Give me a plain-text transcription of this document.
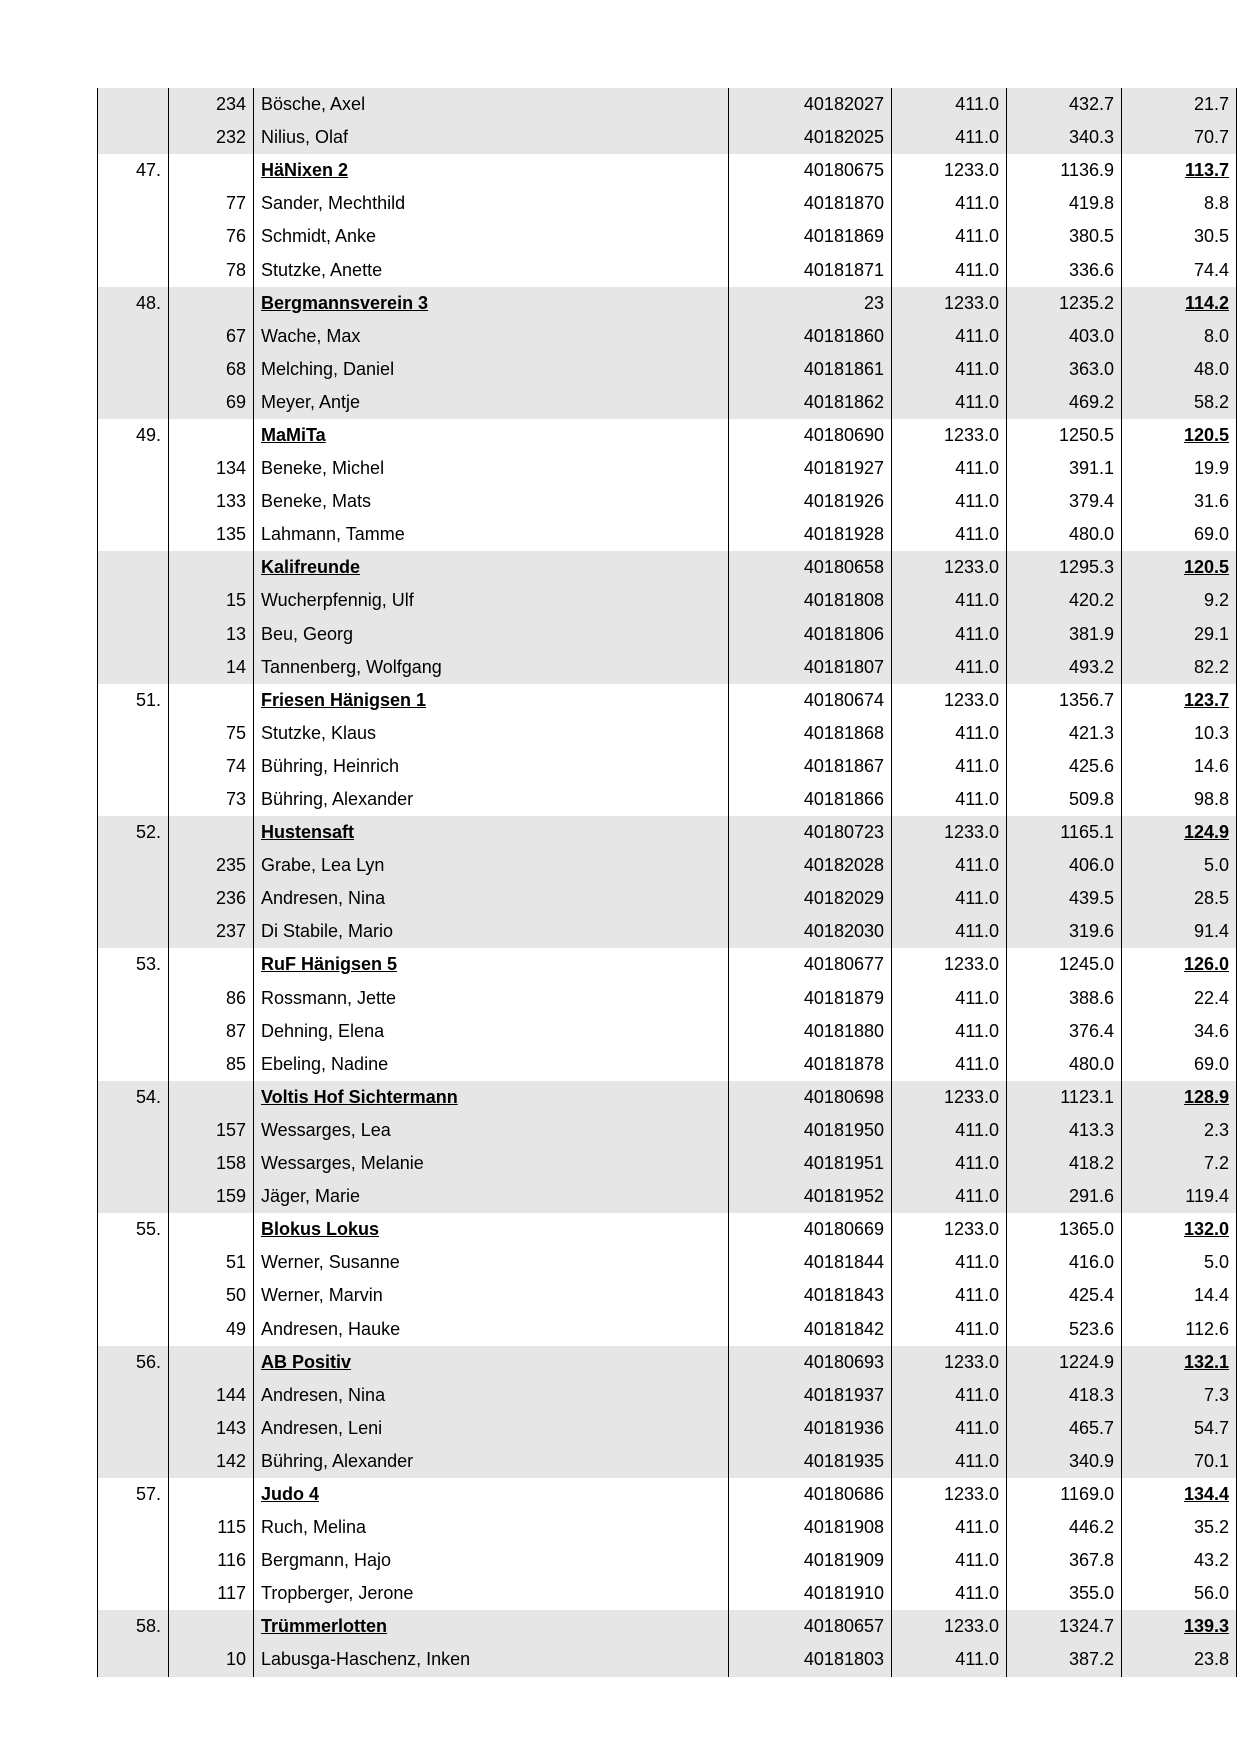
	234	Bösche, Axel	40182027	411.0	432.7	21.7
	232	Nilius, Olaf	40182025	411.0	340.3	70.7
47.		HäNixen 2	40180675	1233.0	1136.9	113.7
	77	Sander, Mechthild	40181870	411.0	419.8	8.8
	76	Schmidt, Anke	40181869	411.0	380.5	30.5
	78	Stutzke, Anette	40181871	411.0	336.6	74.4
48.		Bergmannsverein 3	23	1233.0	1235.2	114.2
	67	Wache, Max	40181860	411.0	403.0	8.0
	68	Melching, Daniel	40181861	411.0	363.0	48.0
	69	Meyer, Antje	40181862	411.0	469.2	58.2
49.		MaMiTa	40180690	1233.0	1250.5	120.5
	134	Beneke, Michel	40181927	411.0	391.1	19.9
	133	Beneke, Mats	40181926	411.0	379.4	31.6
	135	Lahmann, Tamme	40181928	411.0	480.0	69.0
		Kalifreunde	40180658	1233.0	1295.3	120.5
	15	Wucherpfennig, Ulf	40181808	411.0	420.2	9.2
	13	Beu, Georg	40181806	411.0	381.9	29.1
	14	Tannenberg, Wolfgang	40181807	411.0	493.2	82.2
51.		Friesen Hänigsen 1	40180674	1233.0	1356.7	123.7
	75	Stutzke, Klaus	40181868	411.0	421.3	10.3
	74	Bühring, Heinrich	40181867	411.0	425.6	14.6
	73	Bühring, Alexander	40181866	411.0	509.8	98.8
52.		Hustensaft	40180723	1233.0	1165.1	124.9
	235	Grabe, Lea Lyn	40182028	411.0	406.0	5.0
	236	Andresen, Nina	40182029	411.0	439.5	28.5
	237	Di Stabile, Mario	40182030	411.0	319.6	91.4
53.		RuF Hänigsen 5	40180677	1233.0	1245.0	126.0
	86	Rossmann, Jette	40181879	411.0	388.6	22.4
	87	Dehning, Elena	40181880	411.0	376.4	34.6
	85	Ebeling, Nadine	40181878	411.0	480.0	69.0
54.		Voltis Hof Sichtermann	40180698	1233.0	1123.1	128.9
	157	Wessarges, Lea	40181950	411.0	413.3	2.3
	158	Wessarges, Melanie	40181951	411.0	418.2	7.2
	159	Jäger, Marie	40181952	411.0	291.6	119.4
55.		Blokus Lokus	40180669	1233.0	1365.0	132.0
	51	Werner, Susanne	40181844	411.0	416.0	5.0
	50	Werner, Marvin	40181843	411.0	425.4	14.4
	49	Andresen, Hauke	40181842	411.0	523.6	112.6
56.		AB Positiv	40180693	1233.0	1224.9	132.1
	144	Andresen, Nina	40181937	411.0	418.3	7.3
	143	Andresen, Leni	40181936	411.0	465.7	54.7
	142	Bühring, Alexander	40181935	411.0	340.9	70.1
57.		Judo 4	40180686	1233.0	1169.0	134.4
	115	Ruch, Melina	40181908	411.0	446.2	35.2
	116	Bergmann, Hajo	40181909	411.0	367.8	43.2
	117	Tropberger, Jerone	40181910	411.0	355.0	56.0
58.		Trümmerlotten	40180657	1233.0	1324.7	139.3
	10	Labusga-Haschenz, Inken	40181803	411.0	387.2	23.8
